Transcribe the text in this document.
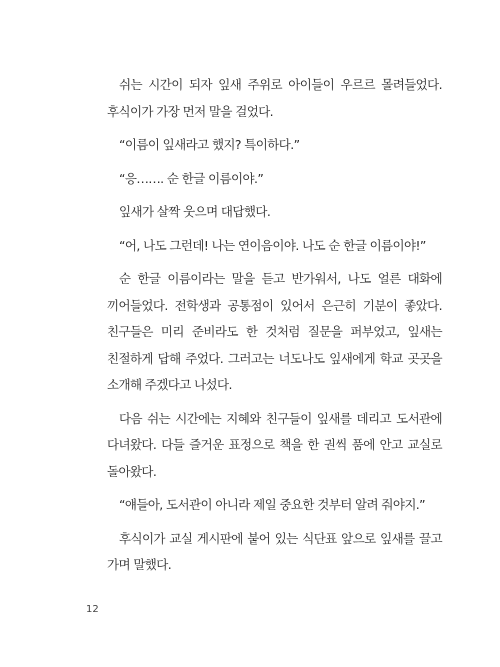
쉬는 시간이 되자 잎새 주위로 아이들이 우르르 몰려들었다. 후식이가 가장 먼저 말을 걸었다.

“이름이 잎새라고 했지? 특이하다.”

“응……. 순 한글 이름이야.”

잎새가 살짝 웃으며 대답했다.

“어, 나도 그런데! 나는 연이음이야. 나도 순 한글 이름이야!”

순 한글 이름이라는 말을 듣고 반가워서, 나도 얼른 대화에 끼어들었다. 전학생과 공통점이 있어서 은근히 기분이 좋았다. 친구들은 미리 준비라도 한 것처럼 질문을 퍼부었고, 잎새는 친절하게 답해 주었다. 그러고는 너도나도 잎새에게 학교 곳곳을 소개해 주겠다고 나섰다.

다음 쉬는 시간에는 지혜와 친구들이 잎새를 데리고 도서관에 다녀왔다. 다들 즐거운 표정으로 책을 한 권씩 품에 안고 교실로 돌아왔다.

“얘들아, 도서관이 아니라 제일 중요한 것부터 알려 줘야지.”

후식이가 교실 게시판에 붙어 있는 식단표 앞으로 잎새를 끌고 가며 말했다.

12
